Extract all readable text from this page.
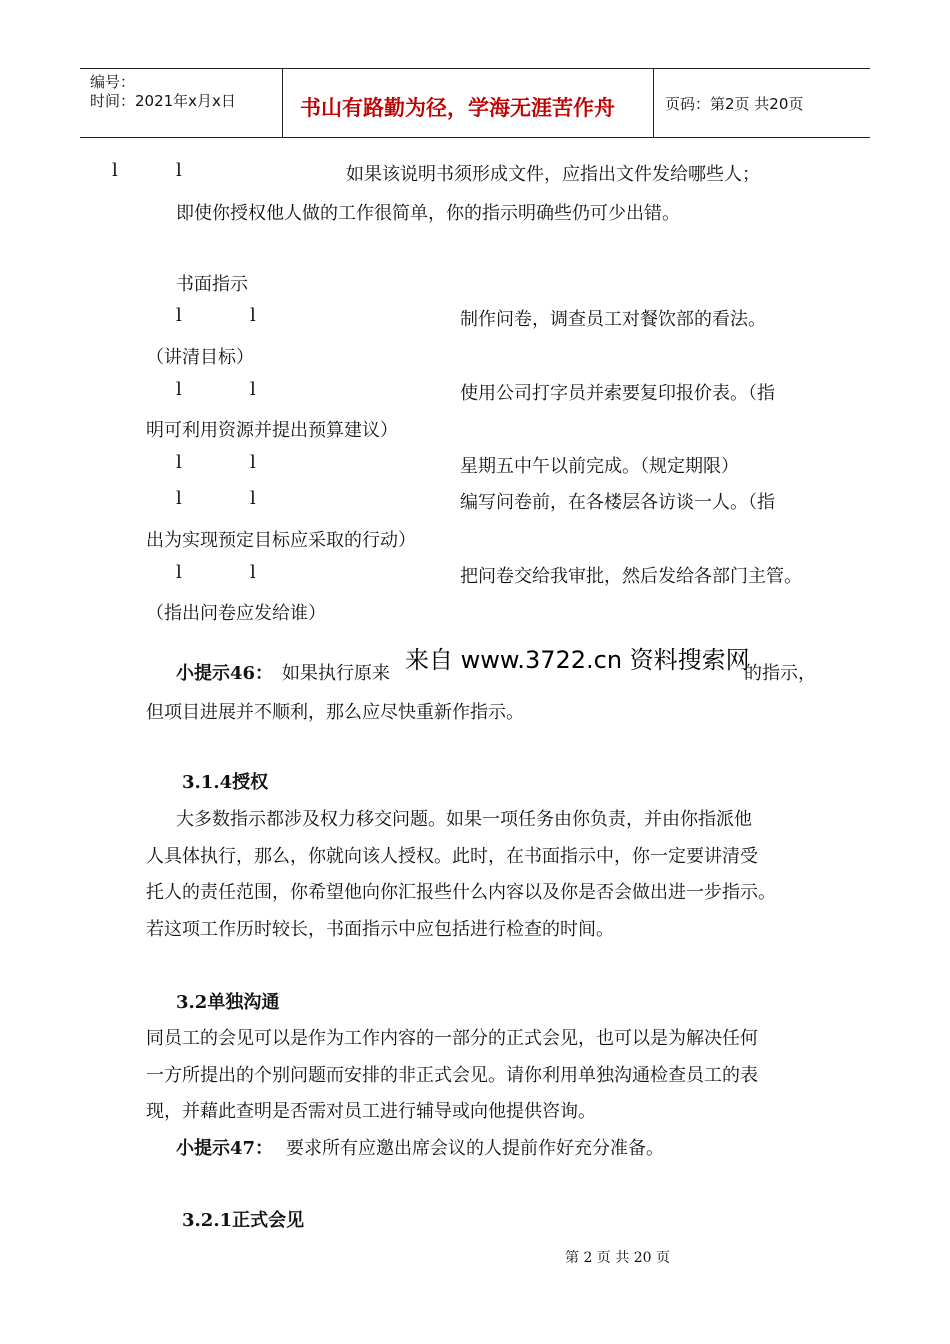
编号：
时间：2021年x月x日	书山有路勤为径，学海无涯苦作舟	页码：第2页 共20页
l	l	如果该说明书须形成文件，应指出文件发给哪些人；
即使你授权他人做的工作很简单，你的指示明确些仍可少出错。
书面指示
l	l	制作问卷，调查员工对餐饮部的看法。
（讲清目标）
l	l	使用公司打字员并索要复印报价表。（指
明可利用资源并提出预算建议）
l	l	星期五中午以前完成。（规定期限）
l	l	编写问卷前，在各楼层各访谈一人。（指
出为实现预定目标应采取的行动）
l	l	把问卷交给我审批，然后发给各部门主管。
（指出问卷应发给谁）
小提示46： 如果执行原来 来自 www.3722.cn 资料搜索网
的指示，
但项目进展并不顺利，那么应尽快重新作指示。
3.1.4授权
大多数指示都涉及权力移交问题。如果一项任务由你负责，并由你指派他
人具体执行，那么，你就向该人授权。此时，在书面指示中，你一定要讲清受
托人的责任范围，你希望他向你汇报些什么内容以及你是否会做出进一步指示。
若这项工作历时较长，书面指示中应包括进行检查的时间。
3.2单独沟通
同员工的会见可以是作为工作内容的一部分的正式会见，也可以是为解决任何
一方所提出的个别问题而安排的非正式会见。请你利用单独沟通检查员工的表
现，并藉此查明是否需对员工进行辅导或向他提供咨询。
小提示47： 要求所有应邀出席会议的人提前作好充分准备。
3.2.1正式会见
第 2 页 共 20 页
